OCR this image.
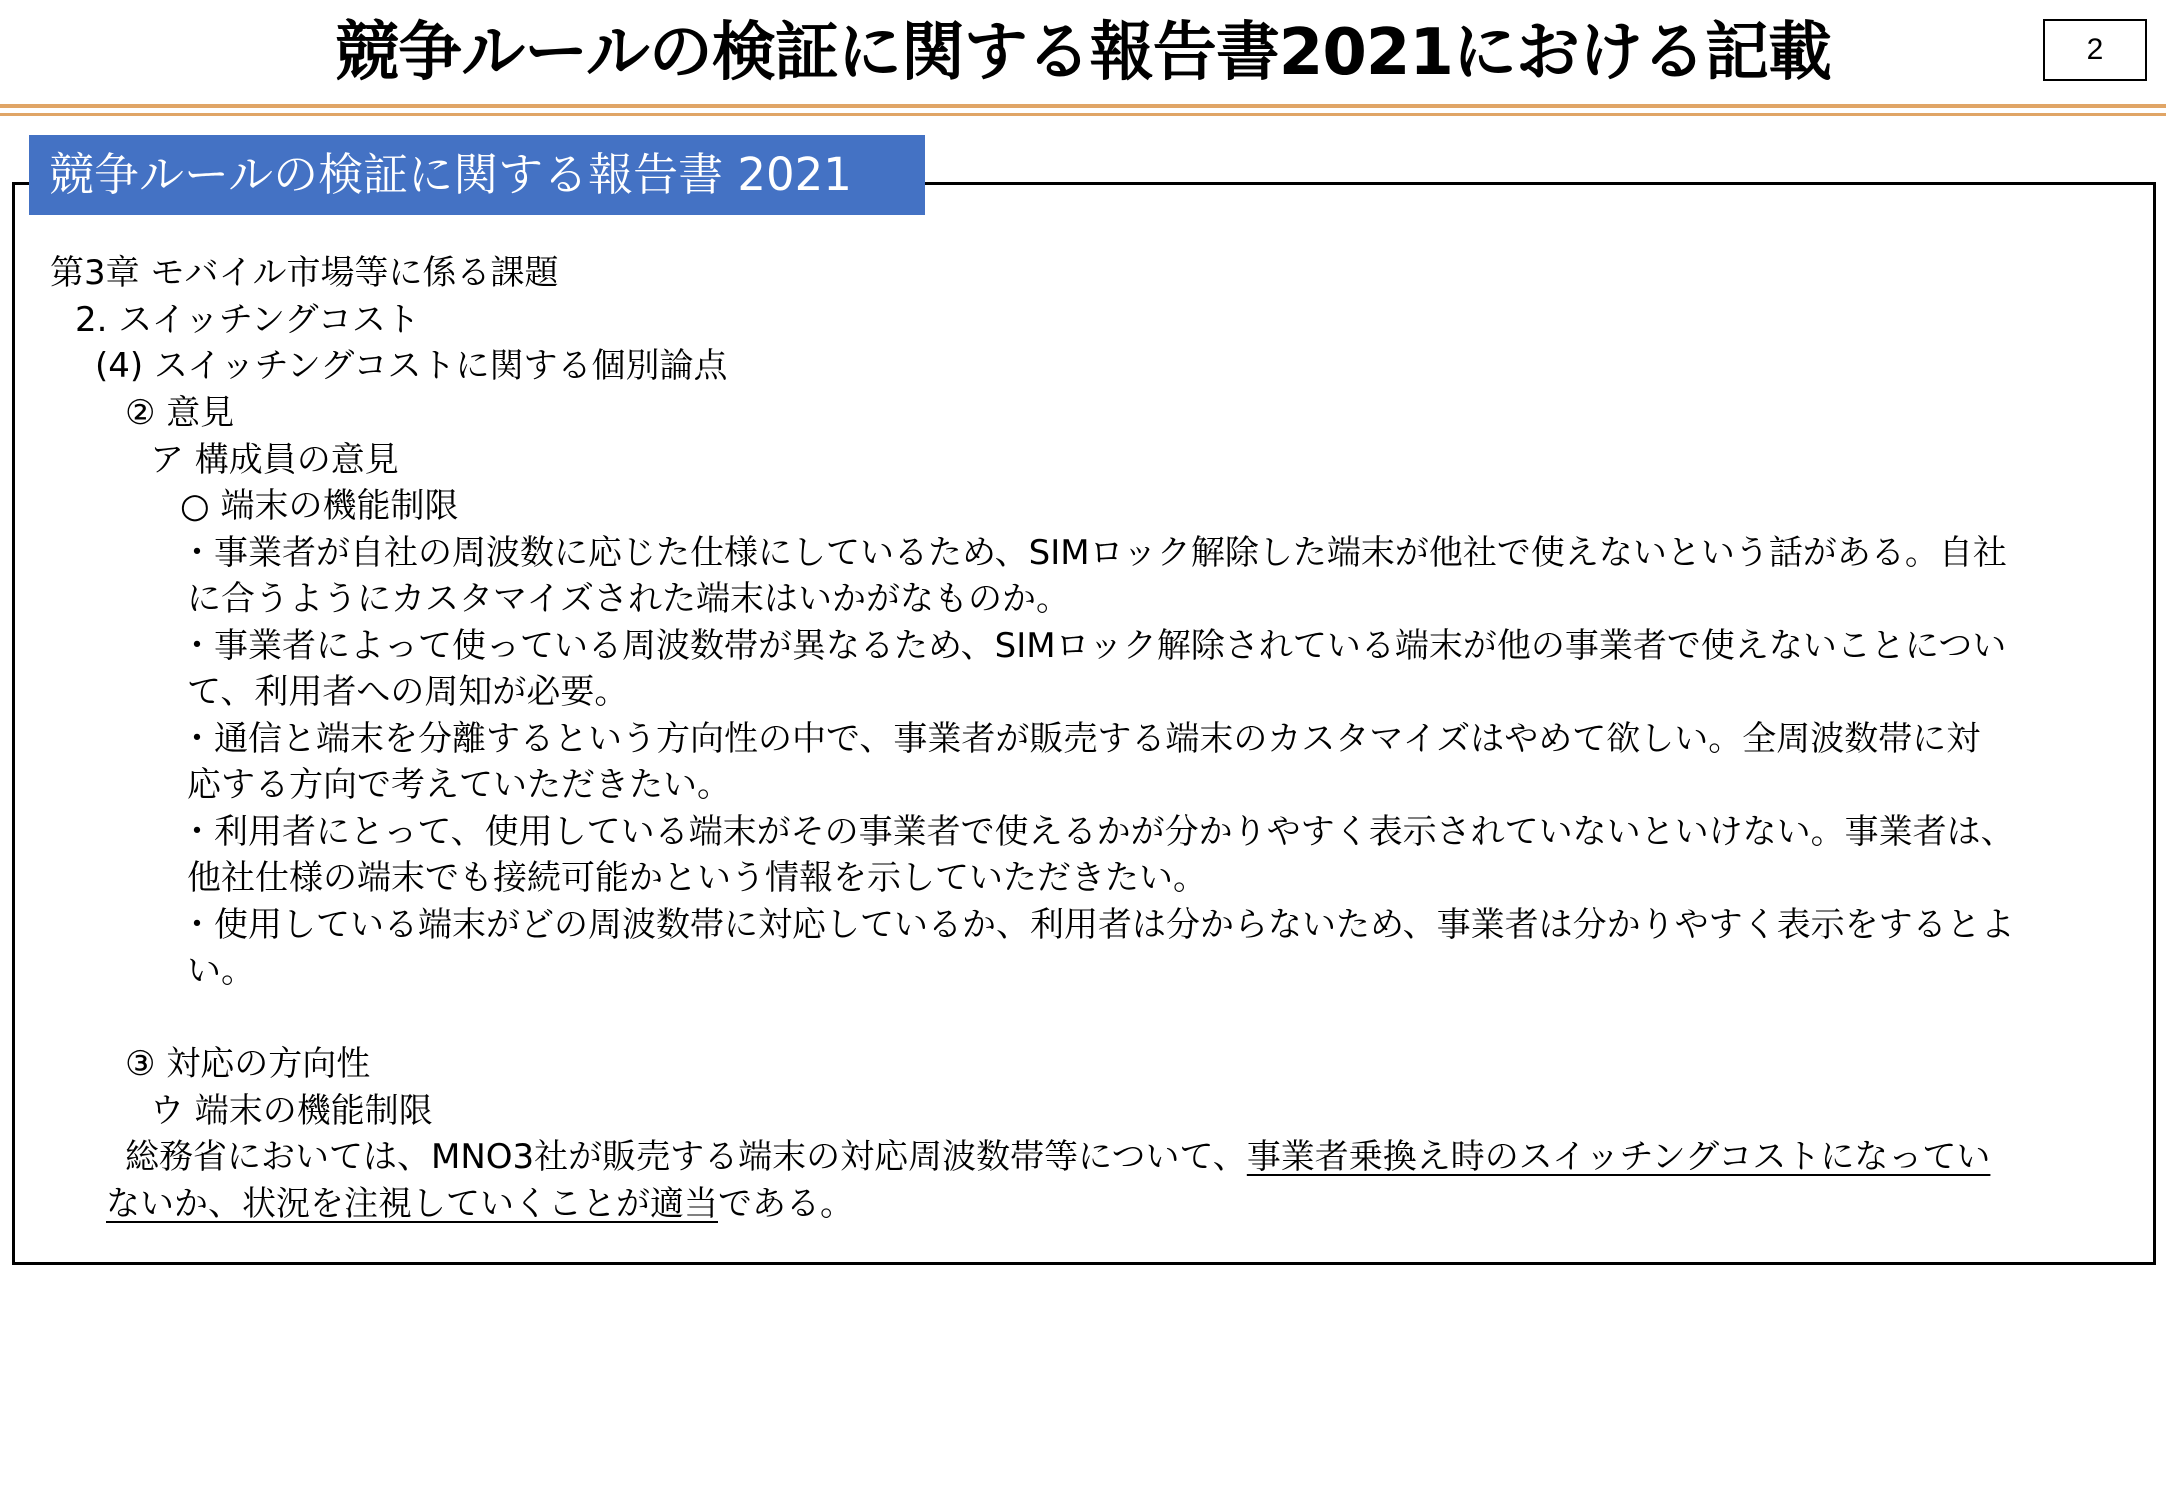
競争ルールの検証に関する報告書2021における記載	2
競争ルールの検証に関する報告書 2021
第3章 モバイル市場等に係る課題
2. スイッチングコスト
(4) スイッチングコストに関する個別論点
② 意見
ア 構成員の意見
○ 端末の機能制限
・事業者が自社の周波数に応じた仕様にしているため、SIMロック解除した端末が他社で使えないという話がある。自社
に合うようにカスタマイズされた端末はいかがなものか。
・事業者によって使っている周波数帯が異なるため、SIMロック解除されている端末が他の事業者で使えないことについ
て、利用者への周知が必要。
・通信と端末を分離するという方向性の中で、事業者が販売する端末のカスタマイズはやめて欲しい。全周波数帯に対
応する方向で考えていただきたい。
・利用者にとって、使用している端末がその事業者で使えるかが分かりやすく表示されていないといけない。事業者は、
他社仕様の端末でも接続可能かという情報を示していただきたい。
・使用している端末がどの周波数帯に対応しているか、利用者は分からないため、事業者は分かりやすく表示をするとよ
い。
③ 対応の方向性
ウ 端末の機能制限
総務省においては、MNO3社が販売する端末の対応周波数帯等について、事業者乗換え時のスイッチングコストになってい
ないか、状況を注視していくことが適当である。
